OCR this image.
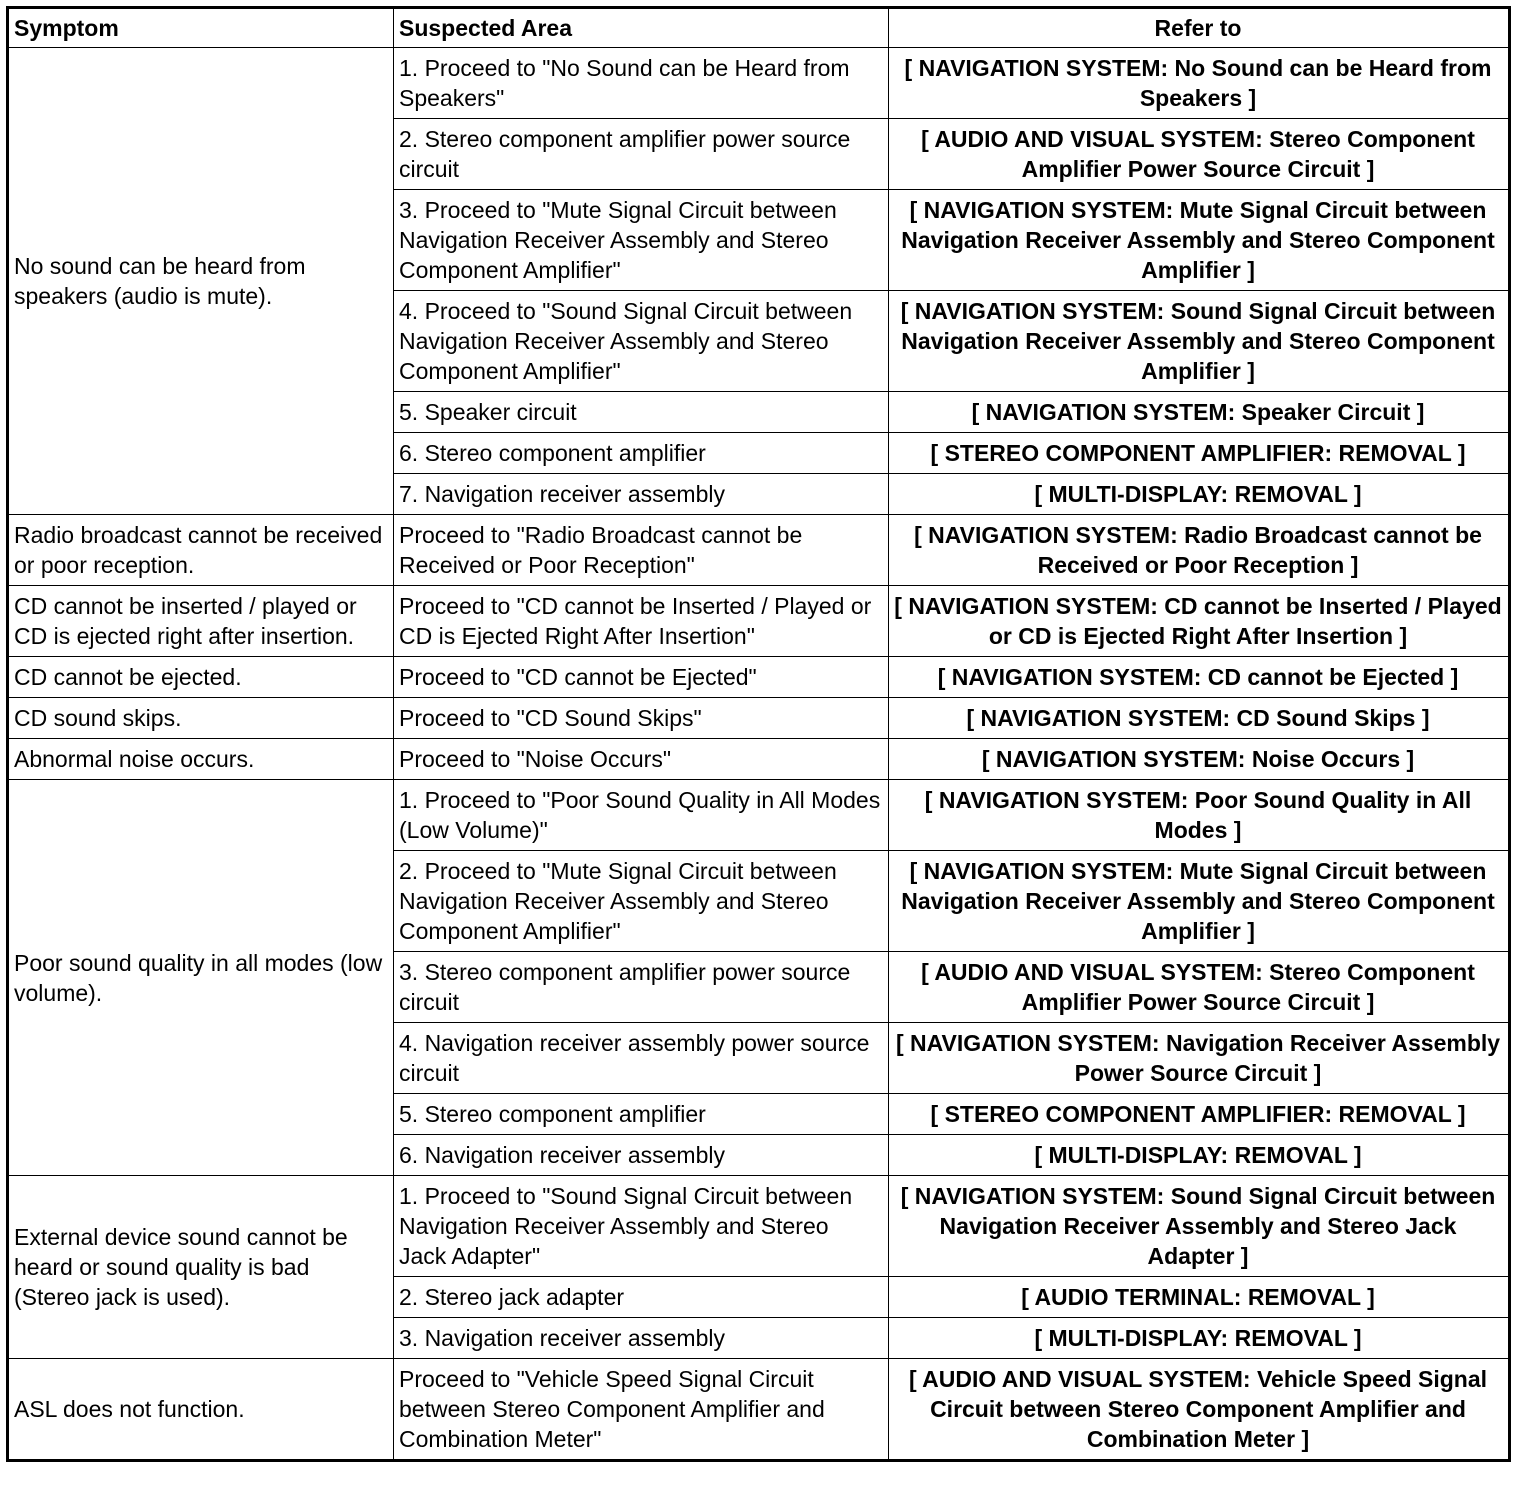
Symptom	Suspected Area	Refer to
No sound can be heard from speakers (audio is mute).	1. Proceed to "No Sound can be Heard from Speakers"	[ NAVIGATION SYSTEM: No Sound can be Heard from Speakers ]
	2. Stereo component amplifier power source circuit	[ AUDIO AND VISUAL SYSTEM: Stereo Component Amplifier Power Source Circuit ]
	3. Proceed to "Mute Signal Circuit between Navigation Receiver Assembly and Stereo Component Amplifier"	[ NAVIGATION SYSTEM: Mute Signal Circuit between Navigation Receiver Assembly and Stereo Component Amplifier ]
	4. Proceed to "Sound Signal Circuit between Navigation Receiver Assembly and Stereo Component Amplifier"	[ NAVIGATION SYSTEM: Sound Signal Circuit between Navigation Receiver Assembly and Stereo Component Amplifier ]
	5. Speaker circuit	[ NAVIGATION SYSTEM: Speaker Circuit ]
	6. Stereo component amplifier	[ STEREO COMPONENT AMPLIFIER: REMOVAL ]
	7. Navigation receiver assembly	[ MULTI-DISPLAY: REMOVAL ]
Radio broadcast cannot be received or poor reception.	Proceed to "Radio Broadcast cannot be Received or Poor Reception"	[ NAVIGATION SYSTEM: Radio Broadcast cannot be Received or Poor Reception ]
CD cannot be inserted / played or CD is ejected right after insertion.	Proceed to "CD cannot be Inserted / Played or CD is Ejected Right After Insertion"	[ NAVIGATION SYSTEM: CD cannot be Inserted / Played or CD is Ejected Right After Insertion ]
CD cannot be ejected.	Proceed to "CD cannot be Ejected"	[ NAVIGATION SYSTEM: CD cannot be Ejected ]
CD sound skips.	Proceed to "CD Sound Skips"	[ NAVIGATION SYSTEM: CD Sound Skips ]
Abnormal noise occurs.	Proceed to "Noise Occurs"	[ NAVIGATION SYSTEM: Noise Occurs ]
Poor sound quality in all modes (low volume).	1. Proceed to "Poor Sound Quality in All Modes (Low Volume)"	[ NAVIGATION SYSTEM: Poor Sound Quality in All Modes ]
	2. Proceed to "Mute Signal Circuit between Navigation Receiver Assembly and Stereo Component Amplifier"	[ NAVIGATION SYSTEM: Mute Signal Circuit between Navigation Receiver Assembly and Stereo Component Amplifier ]
	3. Stereo component amplifier power source circuit	[ AUDIO AND VISUAL SYSTEM: Stereo Component Amplifier Power Source Circuit ]
	4. Navigation receiver assembly power source circuit	[ NAVIGATION SYSTEM: Navigation Receiver Assembly Power Source Circuit ]
	5. Stereo component amplifier	[ STEREO COMPONENT AMPLIFIER: REMOVAL ]
	6. Navigation receiver assembly	[ MULTI-DISPLAY: REMOVAL ]
External device sound cannot be heard or sound quality is bad (Stereo jack is used).	1. Proceed to "Sound Signal Circuit between Navigation Receiver Assembly and Stereo Jack Adapter"	[ NAVIGATION SYSTEM: Sound Signal Circuit between Navigation Receiver Assembly and Stereo Jack Adapter ]
	2. Stereo jack adapter	[ AUDIO TERMINAL: REMOVAL ]
	3. Navigation receiver assembly	[ MULTI-DISPLAY: REMOVAL ]
ASL does not function.	Proceed to "Vehicle Speed Signal Circuit between Stereo Component Amplifier and Combination Meter"	[ AUDIO AND VISUAL SYSTEM: Vehicle Speed Signal Circuit between Stereo Component Amplifier and Combination Meter ]
